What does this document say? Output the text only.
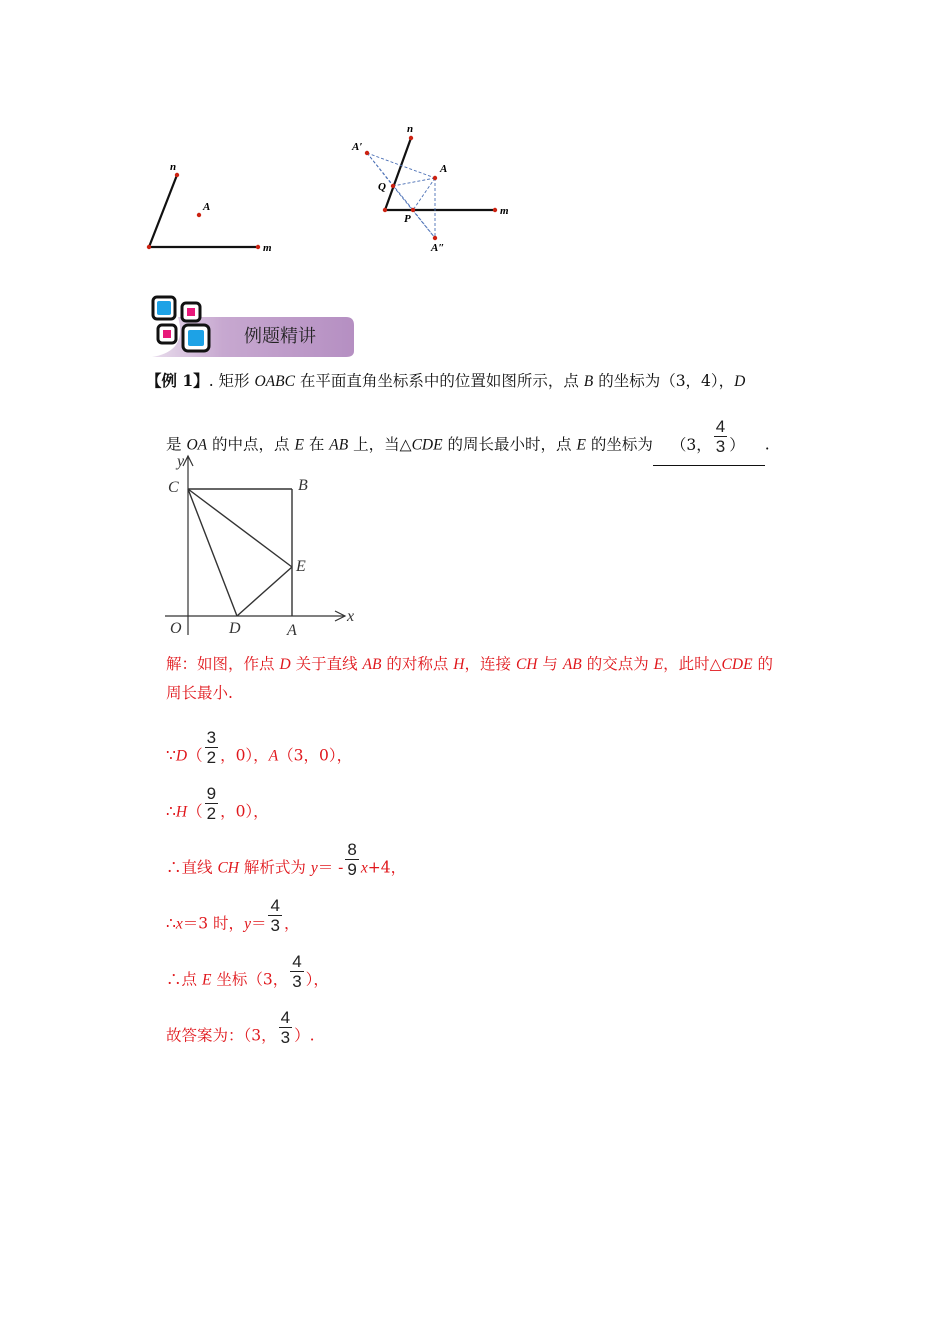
n
A
m
A′
n
A
Q
P
m
A″
例题精讲
【例 1】. 矩形 OABC 在平面直角坐标系中的位置如图所示，点 B 的坐标为（3，4），D
是 OA 的中点，点 E 在 AB 上，当△CDE 的周长最小时，点 E 的坐标为 （3， $\frac{4}{3}$ ） .
y
x
O
C	B
E
D	A
解：如图，作点 D 关于直线 AB 的对称点 H，连接 CH 与 AB 的交点为 E，此时△CDE 的
周长最小.
∵D（ $\frac{3}{2}$ ，0），A（3，0），
∴H（ $\frac{9}{2}$ ，0），
∴直线 CH 解析式为 $y= - \frac{8}{9} x+4$，
∴x＝3 时，$y= \frac{4}{3}$ ，
∴点 E 坐标（3， $\frac{4}{3}$ ），
故答案为：（3， $\frac{4}{3}$ ）.
